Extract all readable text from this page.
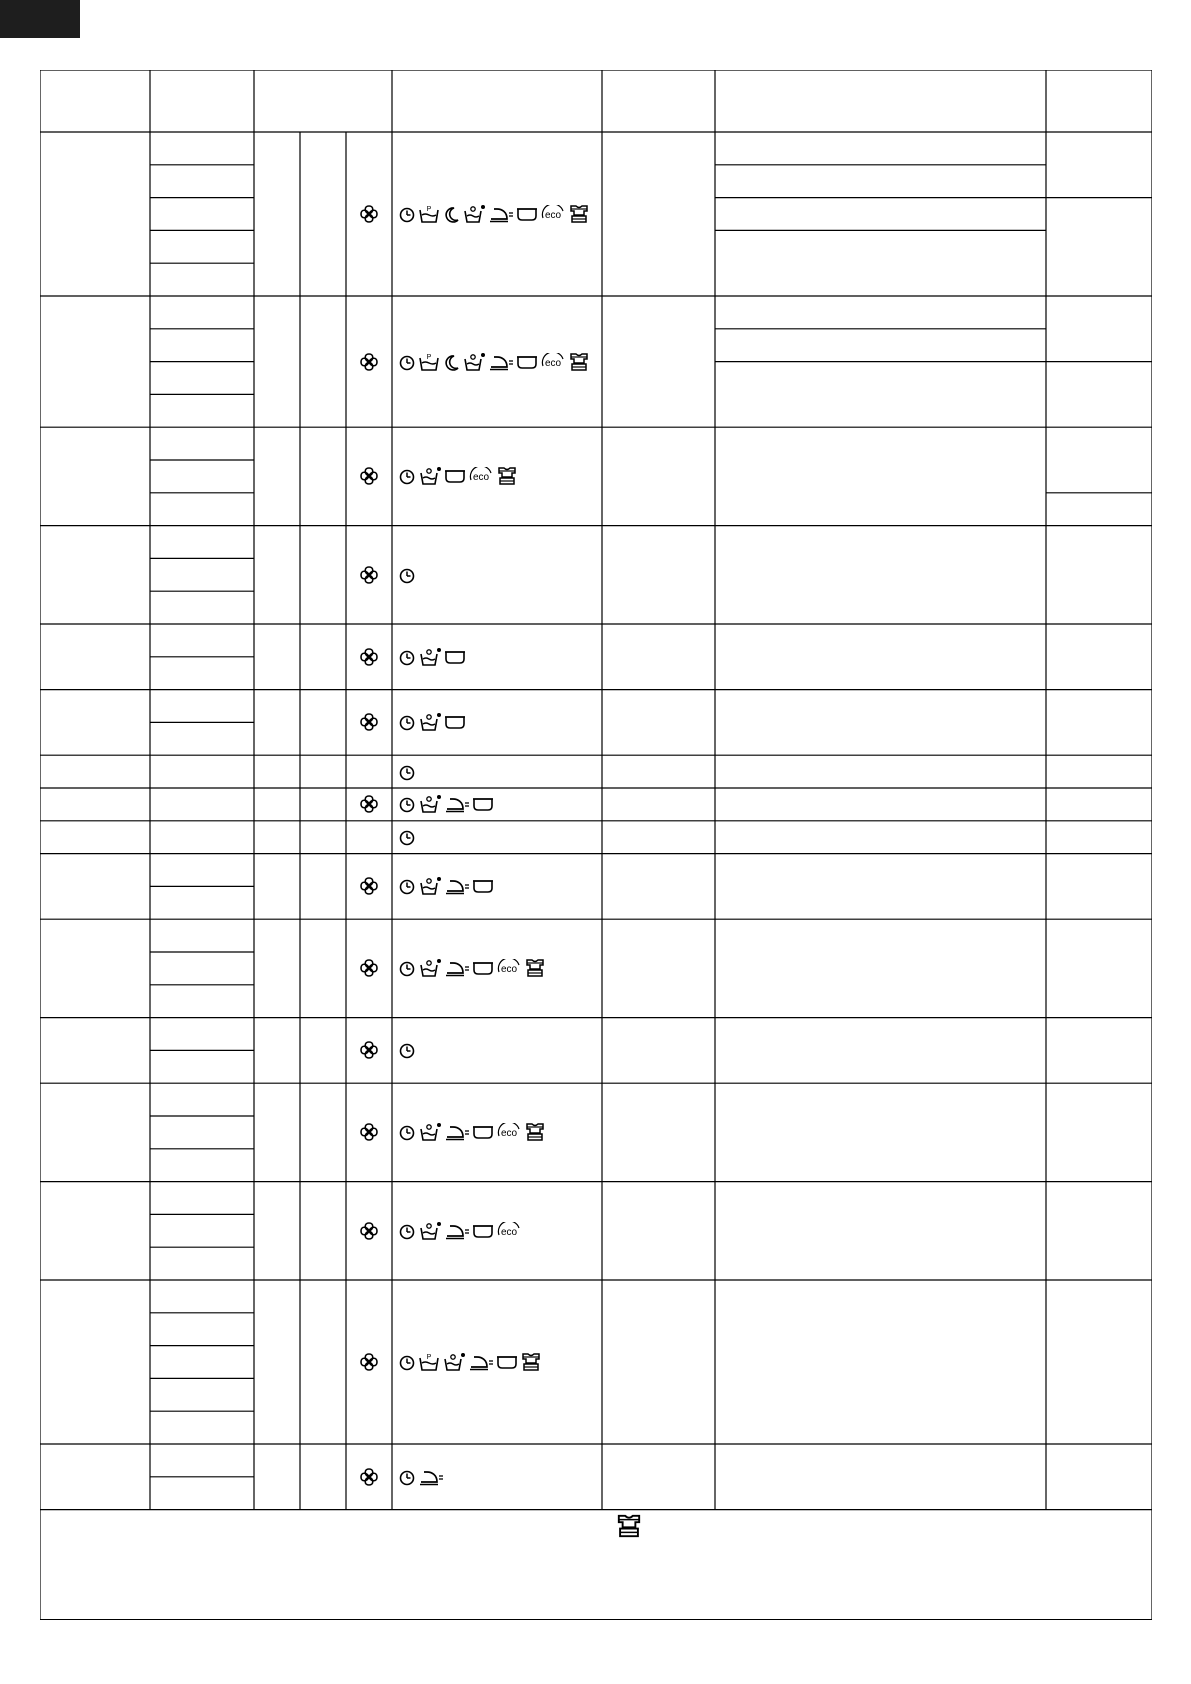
P
eco
P
eco
eco
eco
eco
eco
P
